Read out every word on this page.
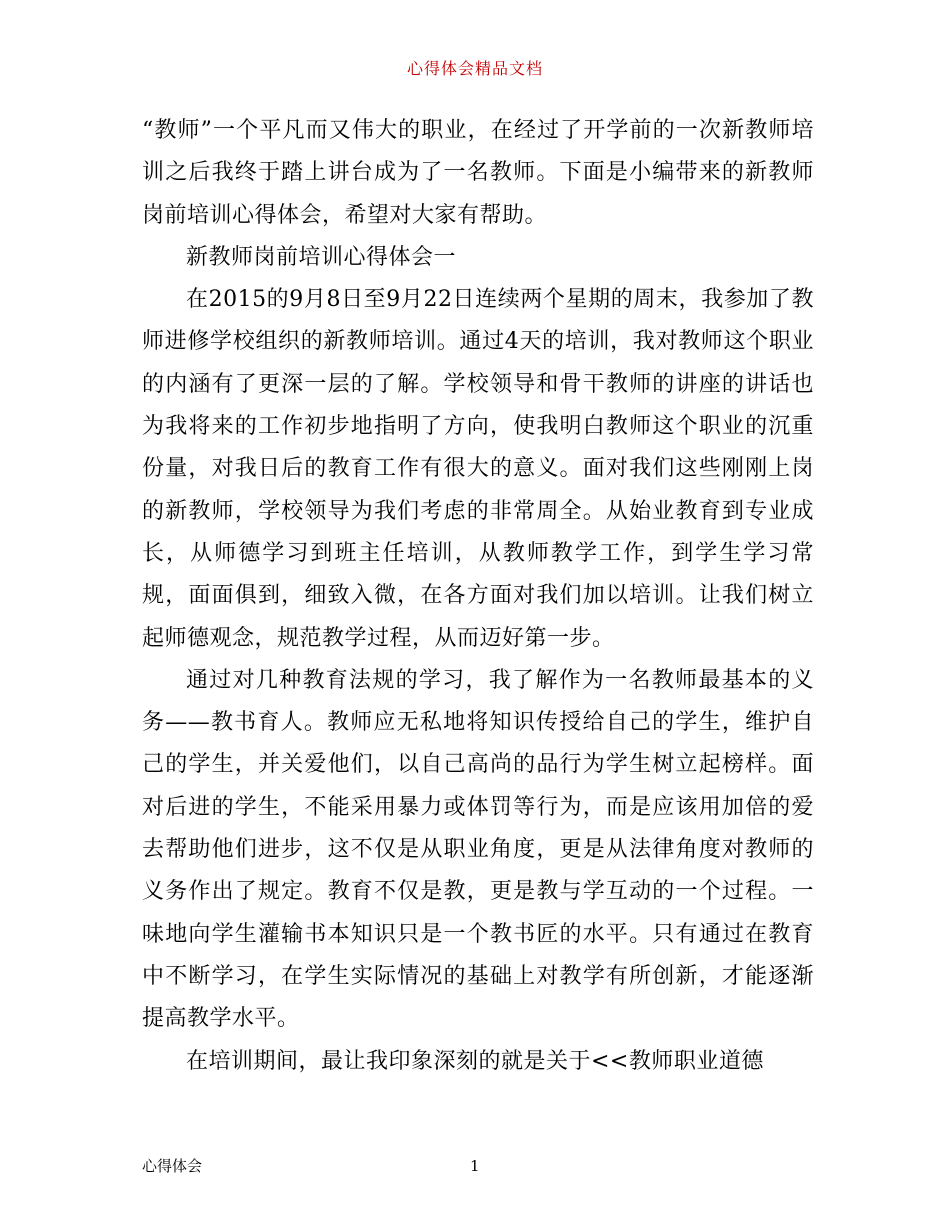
心得体会精品文档

“教师”一个平凡而又伟大的职业，在经过了开学前的一次新教师培训之后我终于踏上讲台成为了一名教师。下面是小编带来的新教师岗前培训心得体会，希望对大家有帮助。

新教师岗前培训心得体会一

在2015的9月8日至9月22日连续两个星期的周末，我参加了教师进修学校组织的新教师培训。通过4天的培训，我对教师这个职业的内涵有了更深一层的了解。学校领导和骨干教师的讲座的讲话也为我将来的工作初步地指明了方向，使我明白教师这个职业的沉重份量，对我日后的教育工作有很大的意义。面对我们这些刚刚上岗的新教师，学校领导为我们考虑的非常周全。从始业教育到专业成长，从师德学习到班主任培训，从教师教学工作，到学生学习常规，面面俱到，细致入微，在各方面对我们加以培训。让我们树立起师德观念，规范教学过程，从而迈好第一步。

通过对几种教育法规的学习，我了解作为一名教师最基本的义务——教书育人。教师应无私地将知识传授给自己的学生，维护自己的学生，并关爱他们，以自己高尚的品行为学生树立起榜样。面对后进的学生，不能采用暴力或体罚等行为，而是应该用加倍的爱去帮助他们进步，这不仅是从职业角度，更是从法律角度对教师的义务作出了规定。教育不仅是教，更是教与学互动的一个过程。一味地向学生灌输书本知识只是一个教书匠的水平。只有通过在教育中不断学习，在学生实际情况的基础上对教学有所创新，才能逐渐提高教学水平。

在培训期间，最让我印象深刻的就是关于<<教师职业道德

心得体会	1
